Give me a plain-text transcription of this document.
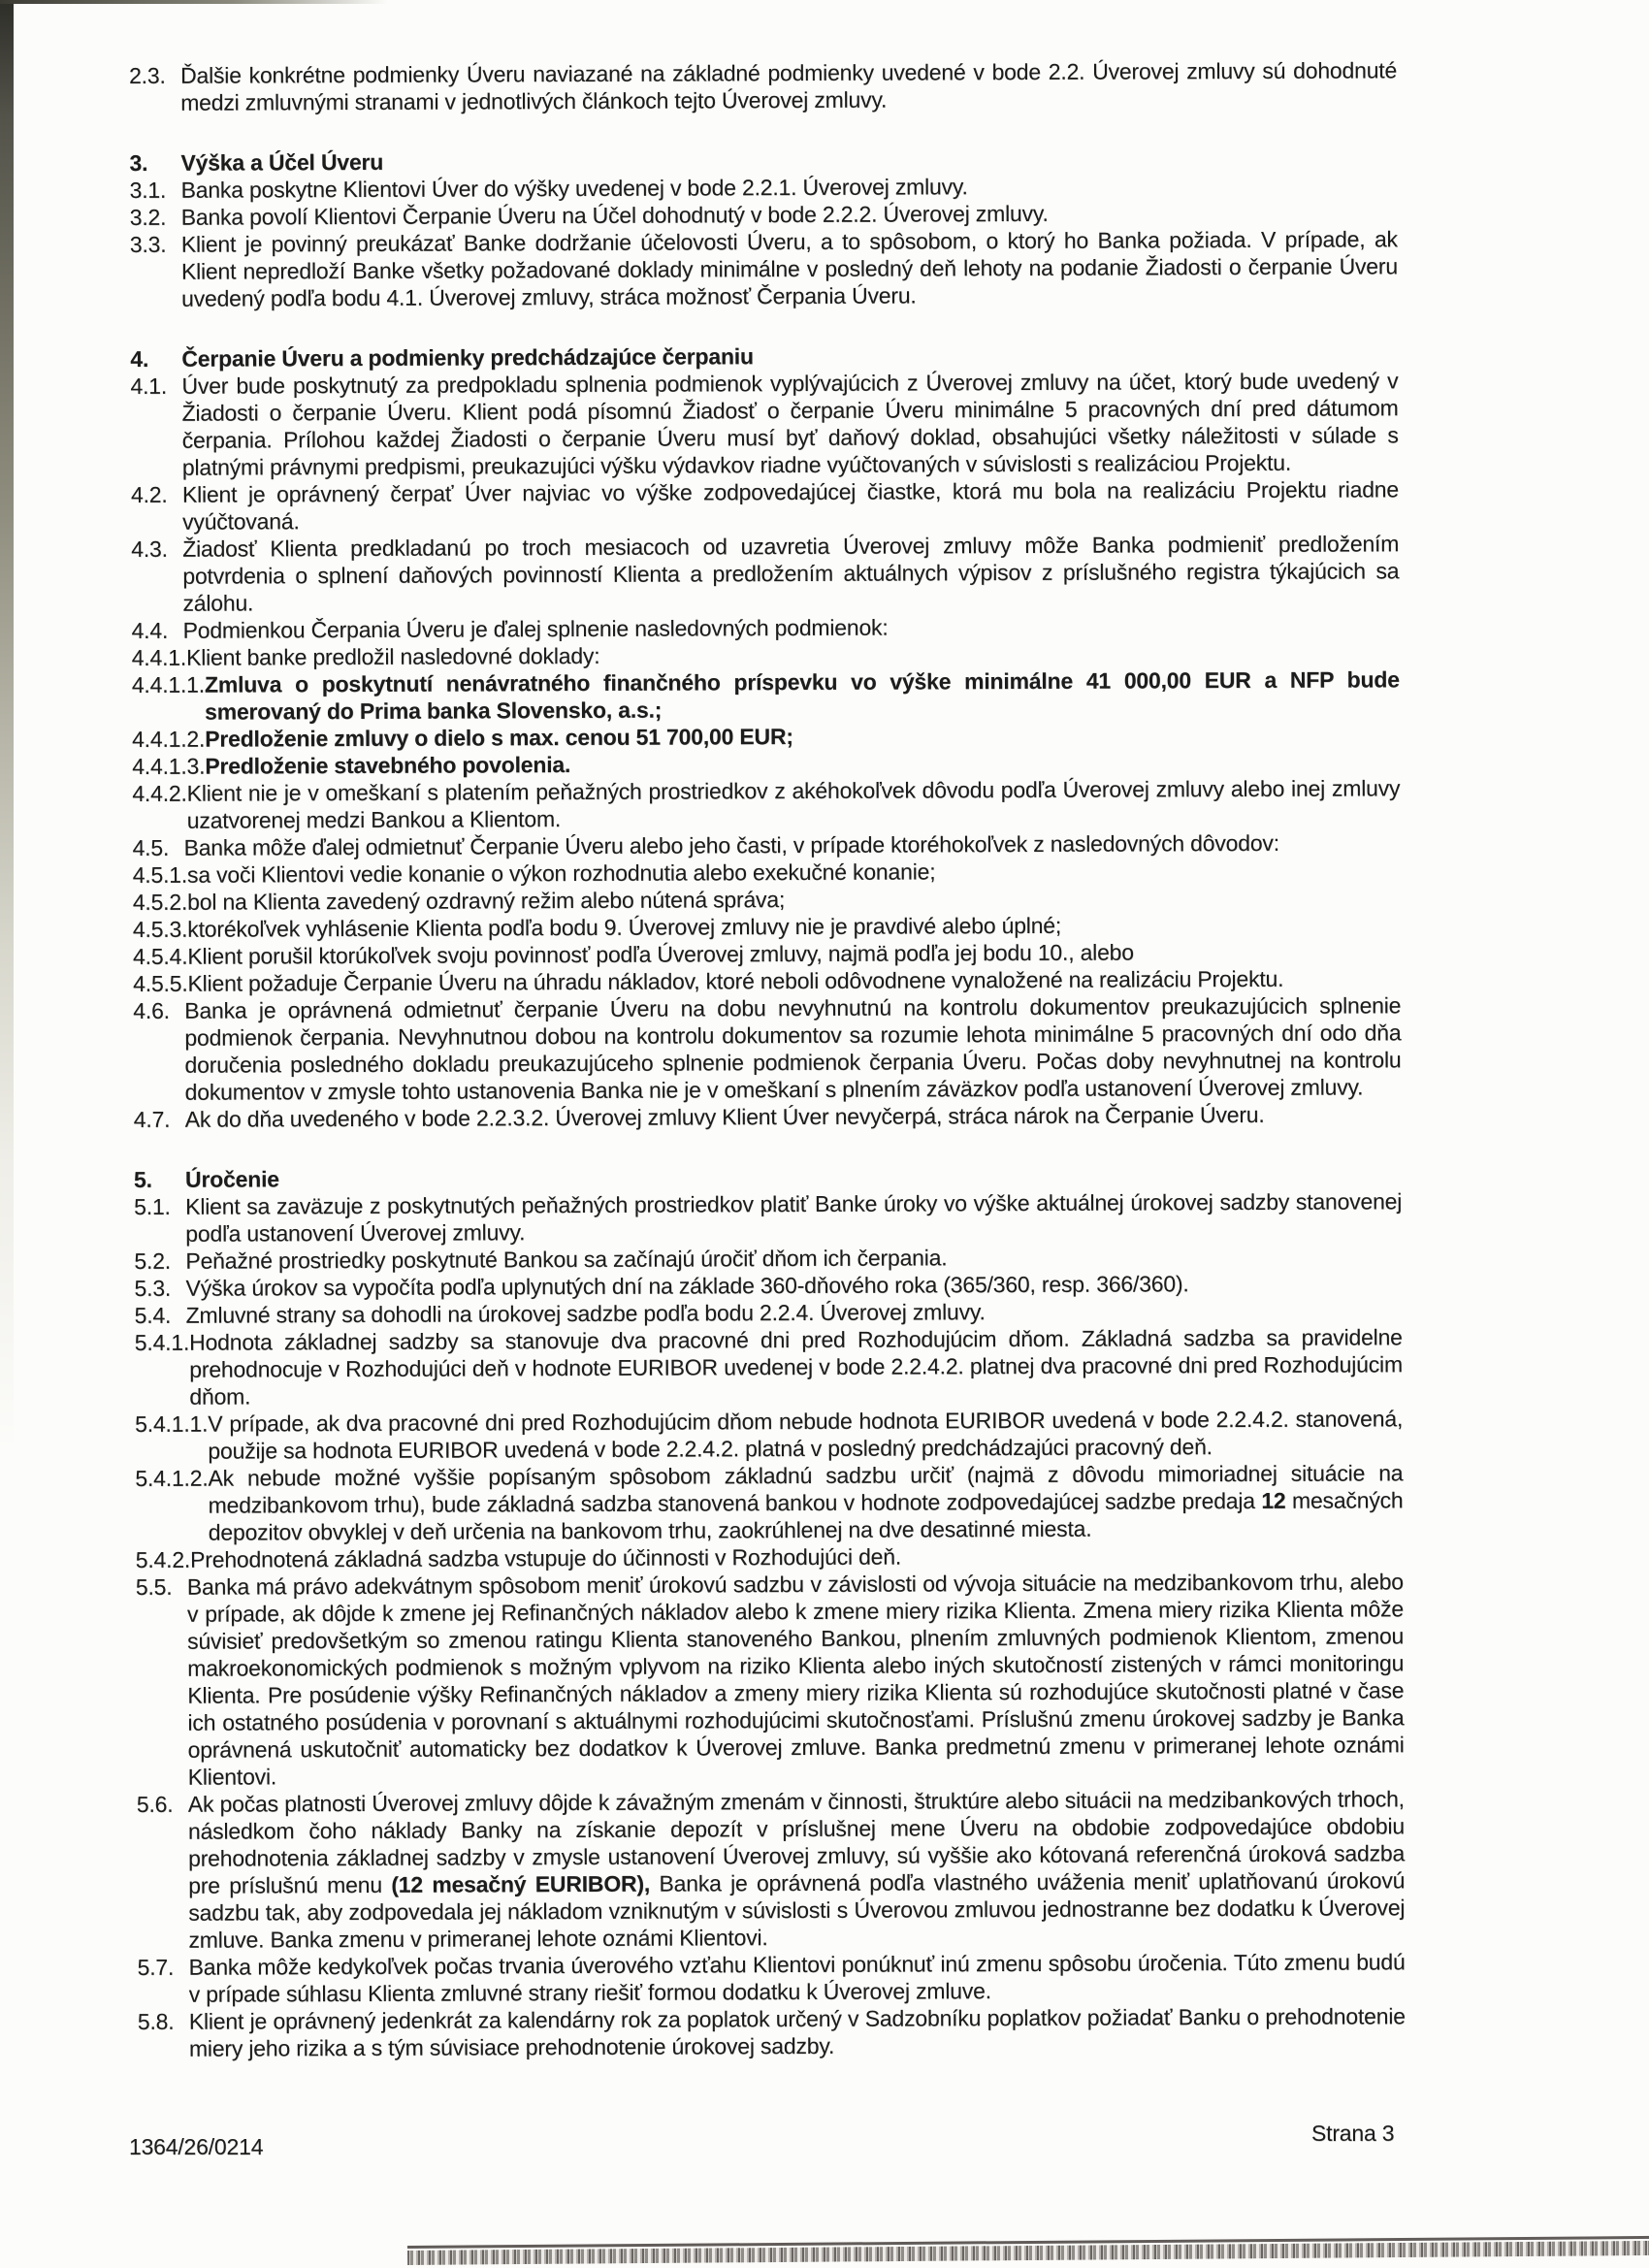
2.3. Ďalšie konkrétne podmienky Úveru naviazané na základné podmienky uvedené v bode 2.2. Úverovej zmluvy sú dohodnuté medzi zmluvnými stranami v jednotlivých článkoch tejto Úverovej zmluvy.
3.	Výška a Účel Úveru
3.1. Banka poskytne Klientovi Úver do výšky uvedenej v bode 2.2.1. Úverovej zmluvy.
3.2. Banka povolí Klientovi Čerpanie Úveru na Účel dohodnutý v bode 2.2.2. Úverovej zmluvy.
3.3. Klient je povinný preukázať Banke dodržanie účelovosti Úveru, a to spôsobom, o ktorý ho Banka požiada. V prípade, ak Klient nepredloží Banke všetky požadované doklady minimálne v posledný deň lehoty na podanie Žiadosti o čerpanie Úveru uvedený podľa bodu 4.1. Úverovej zmluvy, stráca možnosť Čerpania Úveru.
4.	Čerpanie Úveru a podmienky predchádzajúce čerpaniu
4.1. Úver bude poskytnutý za predpokladu splnenia podmienok vyplývajúcich z Úverovej zmluvy na účet, ktorý bude uvedený v Žiadosti o čerpanie Úveru. Klient podá písomnú Žiadosť o čerpanie Úveru minimálne 5 pracovných dní pred dátumom čerpania. Prílohou každej Žiadosti o čerpanie Úveru musí byť daňový doklad, obsahujúci všetky náležitosti v súlade s platnými právnymi predpismi, preukazujúci výšku výdavkov riadne vyúčtovaných v súvislosti s realizáciou Projektu.
4.2. Klient je oprávnený čerpať Úver najviac vo výške zodpovedajúcej čiastke, ktorá mu bola na realizáciu Projektu riadne vyúčtovaná.
4.3. Žiadosť Klienta predkladanú po troch mesiacoch od uzavretia Úverovej zmluvy môže Banka podmieniť predložením potvrdenia o splnení daňových povinností Klienta a predložením aktuálnych výpisov z príslušného registra týkajúcich sa zálohu.
4.4. Podmienkou Čerpania Úveru je ďalej splnenie nasledovných podmienok:
4.4.1. Klient banke predložil nasledovné doklady:
4.4.1.1. Zmluva o poskytnutí nenávratného finančného príspevku vo výške minimálne 41 000,00 EUR a NFP bude smerovaný do Prima banka Slovensko, a.s.;
4.4.1.2. Predloženie zmluvy o dielo s max. cenou 51 700,00 EUR;
4.4.1.3. Predloženie stavebného povolenia.
4.4.2. Klient nie je v omeškaní s platením peňažných prostriedkov z akéhokoľvek dôvodu podľa Úverovej zmluvy alebo inej zmluvy uzatvorenej medzi Bankou a Klientom.
4.5. Banka môže ďalej odmietnuť Čerpanie Úveru alebo jeho časti, v prípade ktoréhokoľvek z nasledovných dôvodov:
4.5.1. sa voči Klientovi vedie konanie o výkon rozhodnutia alebo exekučné konanie;
4.5.2. bol na Klienta zavedený ozdravný režim alebo nútená správa;
4.5.3. ktorékoľvek vyhlásenie Klienta podľa bodu 9. Úverovej zmluvy nie je pravdivé alebo úplné;
4.5.4. Klient porušil ktorúkoľvek svoju povinnosť podľa Úverovej zmluvy, najmä podľa jej bodu 10., alebo
4.5.5. Klient požaduje Čerpanie Úveru na úhradu nákladov, ktoré neboli odôvodnene vynaložené na realizáciu Projektu.
4.6. Banka je oprávnená odmietnuť čerpanie Úveru na dobu nevyhnutnú na kontrolu dokumentov preukazujúcich splnenie podmienok čerpania. Nevyhnutnou dobou na kontrolu dokumentov sa rozumie lehota minimálne 5 pracovných dní odo dňa doručenia posledného dokladu preukazujúceho splnenie podmienok čerpania Úveru. Počas doby nevyhnutnej na kontrolu dokumentov v zmysle tohto ustanovenia Banka nie je v omeškaní s plnením záväzkov podľa ustanovení Úverovej zmluvy.
4.7. Ak do dňa uvedeného v bode 2.2.3.2. Úverovej zmluvy Klient Úver nevyčerpá, stráca nárok na Čerpanie Úveru.
5.	Úročenie
5.1. Klient sa zaväzuje z poskytnutých peňažných prostriedkov platiť Banke úroky vo výške aktuálnej úrokovej sadzby stanovenej podľa ustanovení Úverovej zmluvy.
5.2. Peňažné prostriedky poskytnuté Bankou sa začínajú úročiť dňom ich čerpania.
5.3. Výška úrokov sa vypočíta podľa uplynutých dní na základe 360-dňového roka (365/360, resp. 366/360).
5.4. Zmluvné strany sa dohodli na úrokovej sadzbe podľa bodu 2.2.4. Úverovej zmluvy.
5.4.1. Hodnota základnej sadzby sa stanovuje dva pracovné dni pred Rozhodujúcim dňom. Základná sadzba sa pravidelne prehodnocuje v Rozhodujúci deň v hodnote EURIBOR uvedenej v bode 2.2.4.2. platnej dva pracovné dni pred Rozhodujúcim dňom.
5.4.1.1. V prípade, ak dva pracovné dni pred Rozhodujúcim dňom nebude hodnota EURIBOR uvedená v bode 2.2.4.2. stanovená, použije sa hodnota EURIBOR uvedená v bode 2.2.4.2. platná v posledný predchádzajúci pracovný deň.
5.4.1.2. Ak nebude možné vyššie popísaným spôsobom základnú sadzbu určiť (najmä z dôvodu mimoriadnej situácie na medzibankovom trhu), bude základná sadzba stanovená bankou v hodnote zodpovedajúcej sadzbe predaja 12 mesačných depozitov obvyklej v deň určenia na bankovom trhu, zaokrúhlenej na dve desatinné miesta.
5.4.2. Prehodnotená základná sadzba vstupuje do účinnosti v Rozhodujúci deň.
5.5. Banka má právo adekvátnym spôsobom meniť úrokovú sadzbu v závislosti od vývoja situácie na medzibankovom trhu, alebo v prípade, ak dôjde k zmene jej Refinančných nákladov alebo k zmene miery rizika Klienta. Zmena miery rizika Klienta môže súvisieť predovšetkým so zmenou ratingu Klienta stanoveného Bankou, plnením zmluvných podmienok Klientom, zmenou makroekonomických podmienok s možným vplyvom na riziko Klienta alebo iných skutočností zistených v rámci monitoringu Klienta. Pre posúdenie výšky Refinančných nákladov a zmeny miery rizika Klienta sú rozhodujúce skutočnosti platné v čase ich ostatného posúdenia v porovnaní s aktuálnymi rozhodujúcimi skutočnosťami. Príslušnú zmenu úrokovej sadzby je Banka oprávnená uskutočniť automaticky bez dodatkov k Úverovej zmluve. Banka predmetnú zmenu v primeranej lehote oznámi Klientovi.
5.6. Ak počas platnosti Úverovej zmluvy dôjde k závažným zmenám v činnosti, štruktúre alebo situácii na medzibankových trhoch, následkom čoho náklady Banky na získanie depozít v príslušnej mene Úveru na obdobie zodpovedajúce obdobiu prehodnotenia základnej sadzby v zmysle ustanovení Úverovej zmluvy, sú vyššie ako kótovaná referenčná úroková sadzba pre príslušnú menu (12 mesačný EURIBOR), Banka je oprávnená podľa vlastného uváženia meniť uplatňovanú úrokovú sadzbu tak, aby zodpovedala jej nákladom vzniknutým v súvislosti s Úverovou zmluvou jednostranne bez dodatku k Úverovej zmluve. Banka zmenu v primeranej lehote oznámi Klientovi.
5.7. Banka môže kedykoľvek počas trvania úverového vzťahu Klientovi ponúknuť inú zmenu spôsobu úročenia. Túto zmenu budú v prípade súhlasu Klienta zmluvné strany riešiť formou dodatku k Úverovej zmluve.
5.8. Klient je oprávnený jedenkrát za kalendárny rok za poplatok určený v Sadzobníku poplatkov požiadať Banku o prehodnotenie miery jeho rizika a s tým súvisiace prehodnotenie úrokovej sadzby.
1364/26/0214
Strana 3
